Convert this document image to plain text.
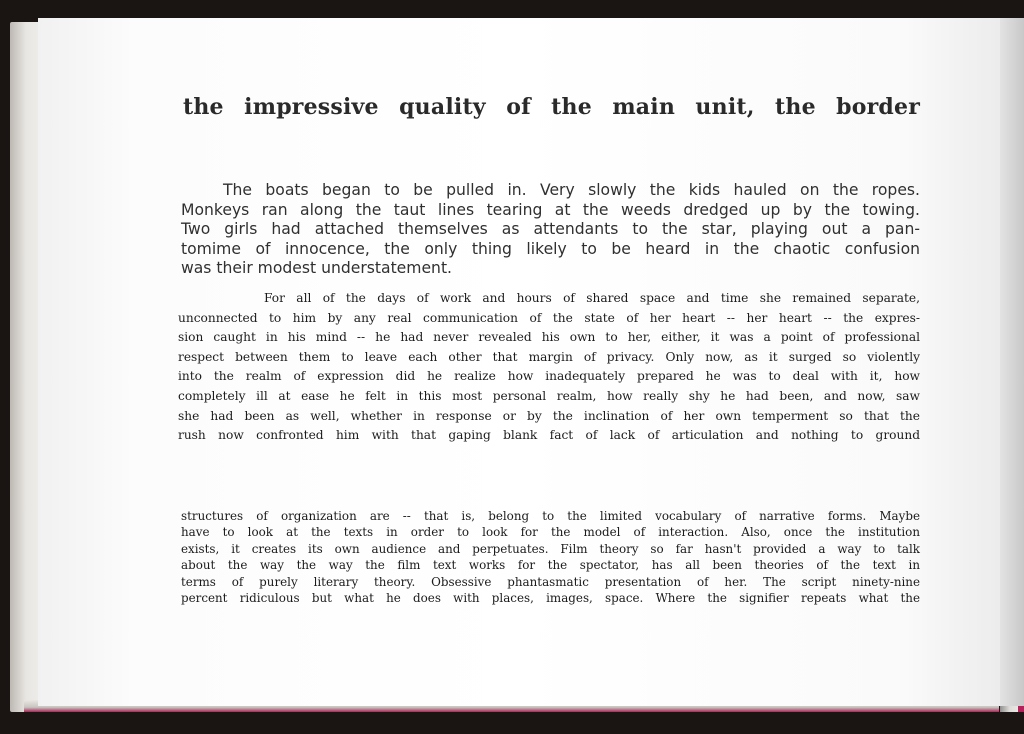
the impressive quality of the main unit, the border
The boats began to be pulled in. Very slowly the kids hauled on the ropes.
Monkeys ran along the taut lines tearing at the weeds dredged up by the towing.
Two girls had attached themselves as attendants to the star, playing out a pan-
tomime of innocence, the only thing likely to be heard in the chaotic confusion
was their modest understatement.
For all of the days of work and hours of shared space and time she remained separate,
unconnected to him by any real communication of the state of her heart -- her heart -- the expres-
sion caught in his mind -- he had never revealed his own to her, either, it was a point of professional
respect between them to leave each other that margin of privacy. Only now, as it surged so violently
into the realm of expression did he realize how inadequately prepared he was to deal with it, how
completely ill at ease he felt in this most personal realm, how really shy he had been, and now, saw
she had been as well, whether in response or by the inclination of her own temperment so that the
rush now confronted him with that gaping blank fact of lack of articulation and nothing to ground
structures of organization are -- that is, belong to the limited vocabulary of narrative forms. Maybe
have to look at the texts in order to look for the model of interaction. Also, once the institution
exists, it creates its own audience and perpetuates. Film theory so far hasn't provided a way to talk
about the way the way the film text works for the spectator, has all been theories of the text in
terms of purely literary theory. Obsessive phantasmatic presentation of her. The script ninety-nine
percent ridiculous but what he does with places, images, space. Where the signifier repeats what the
